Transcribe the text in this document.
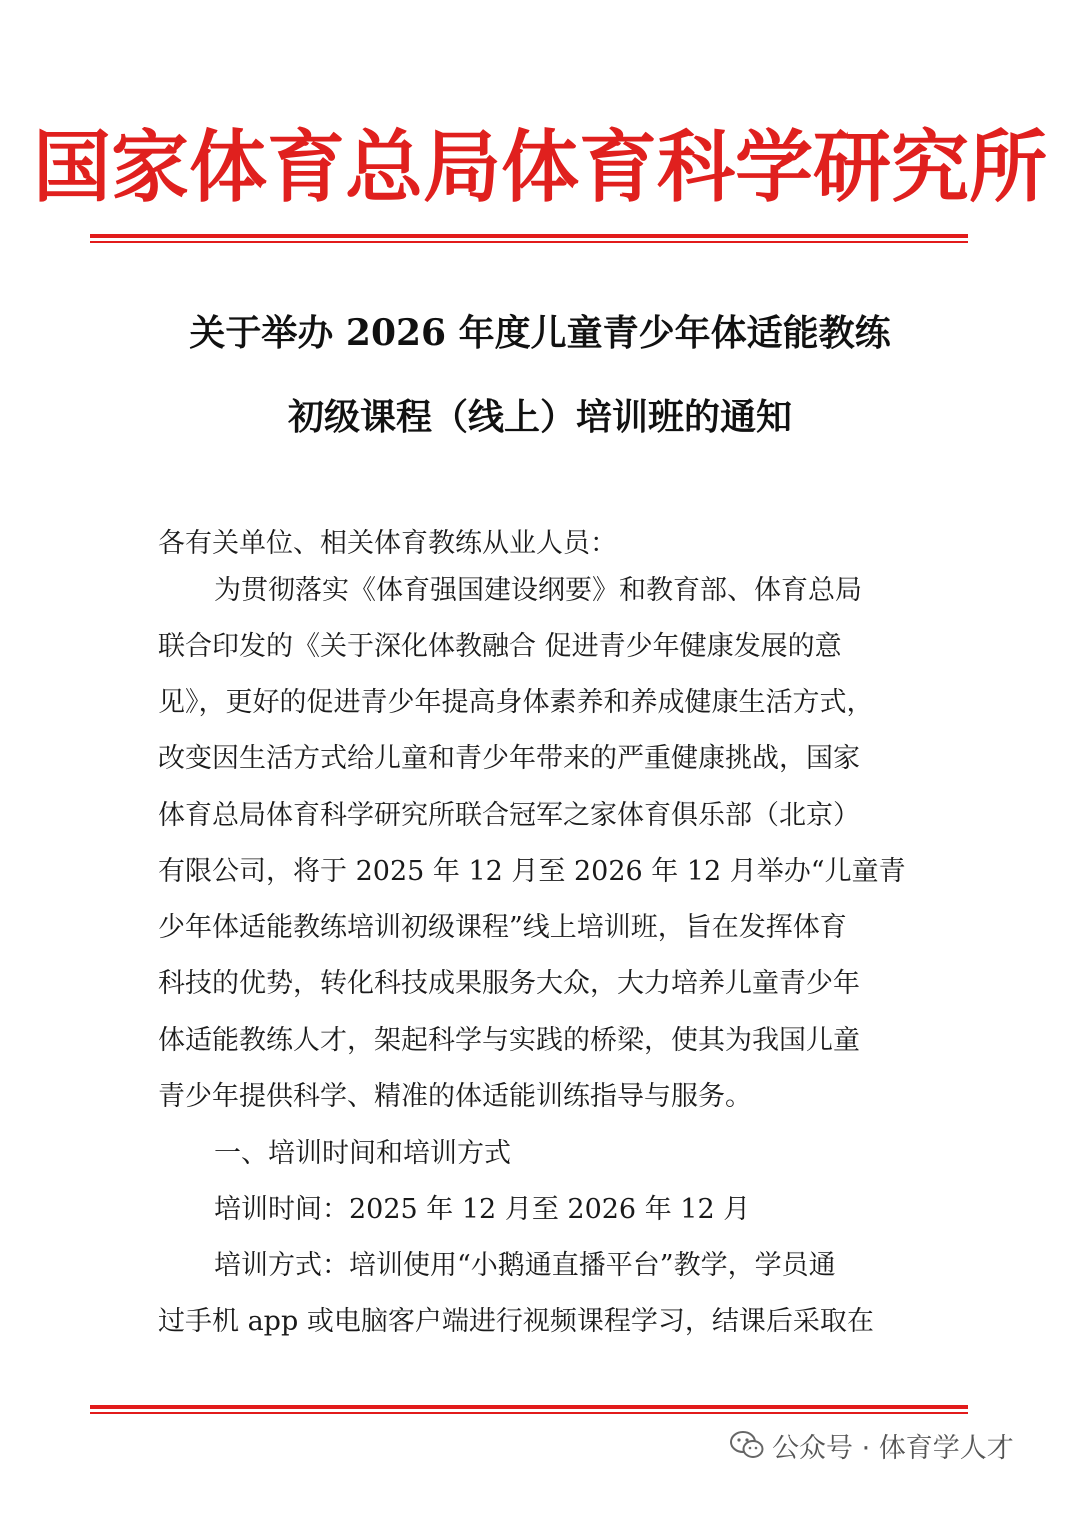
国家体育总局体育科学研究所
关于举办 2026 年度儿童青少年体适能教练
初级课程（线上）培训班的通知
各有关单位、相关体育教练从业人员：
为贯彻落实《体育强国建设纲要》和教育部、体育总局
联合印发的《关于深化体教融合 促进青少年健康发展的意
见》，更好的促进青少年提高身体素养和养成健康生活方式，
改变因生活方式给儿童和青少年带来的严重健康挑战，国家
体育总局体育科学研究所联合冠军之家体育俱乐部（北京）
有限公司，将于 2025 年 12 月至 2026 年 12 月举办“儿童青
少年体适能教练培训初级课程”线上培训班，旨在发挥体育
科技的优势，转化科技成果服务大众，大力培养儿童青少年
体适能教练人才，架起科学与实践的桥梁，使其为我国儿童
青少年提供科学、精准的体适能训练指导与服务。
一、培训时间和培训方式
培训时间：2025 年 12 月至 2026 年 12 月
培训方式：培训使用“小鹅通直播平台”教学，学员通
过手机 app 或电脑客户端进行视频课程学习，结课后采取在
公众号 · 体育学人才
